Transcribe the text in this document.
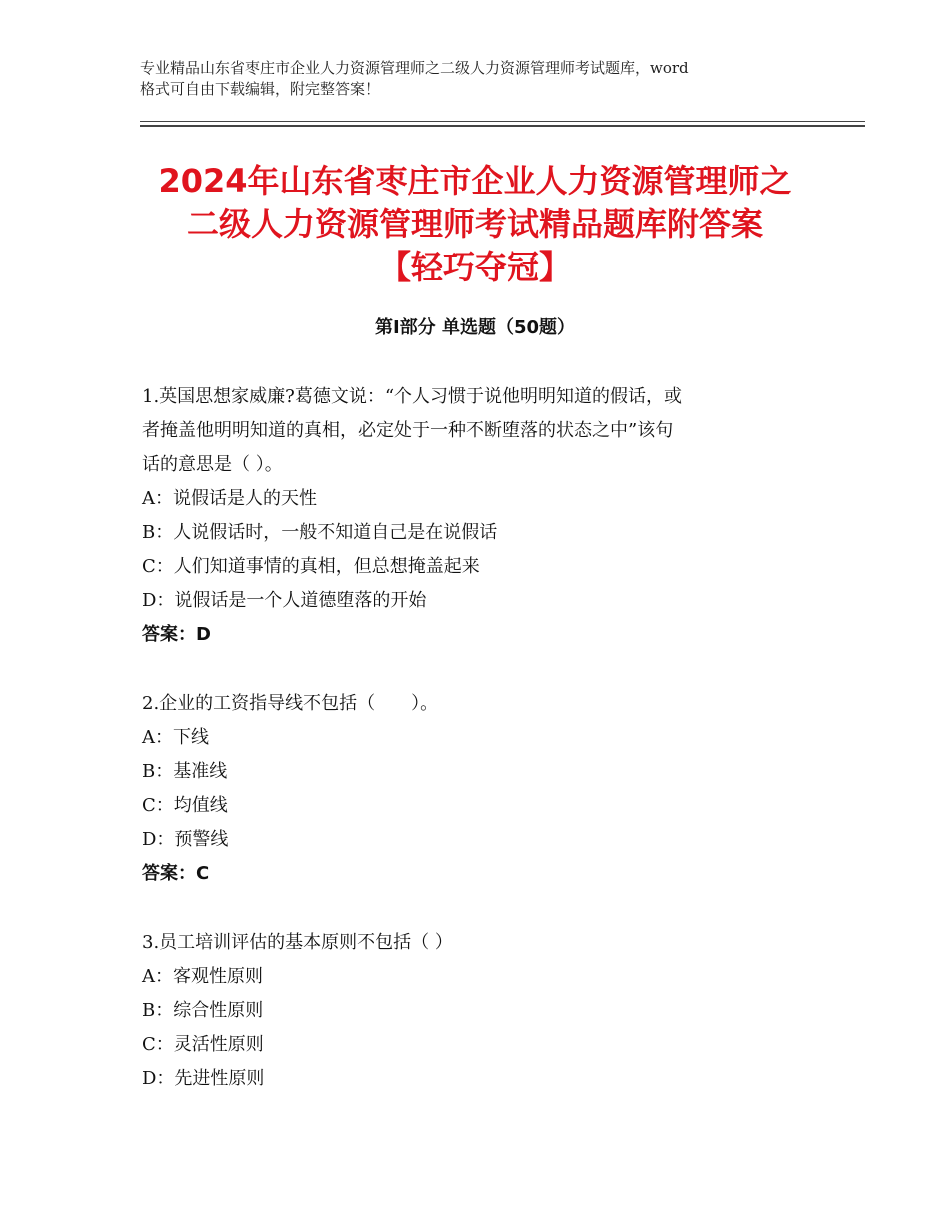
专业精品山东省枣庄市企业人力资源管理师之二级人力资源管理师考试题库，word
格式可自由下载编辑，附完整答案！
2024年山东省枣庄市企业人力资源管理师之
二级人力资源管理师考试精品题库附答案
【轻巧夺冠】
第Ⅰ部分 单选题（50题）
1.英国思想家威廉?葛德文说：“个人习惯于说他明明知道的假话，或
者掩盖他明明知道的真相，必定处于一种不断堕落的状态之中”该句
话的意思是（ ）。
A：说假话是人的天性
B：人说假话时，一般不知道自己是在说假话
C：人们知道事情的真相，但总想掩盖起来
D：说假话是一个人道德堕落的开始
答案：D
2.企业的工资指导线不包括（　　）。
A：下线
B：基准线
C：均值线
D：预警线
答案：C
3.员工培训评估的基本原则不包括（ ）
A：客观性原则
B：综合性原则
C：灵活性原则
D：先进性原则
